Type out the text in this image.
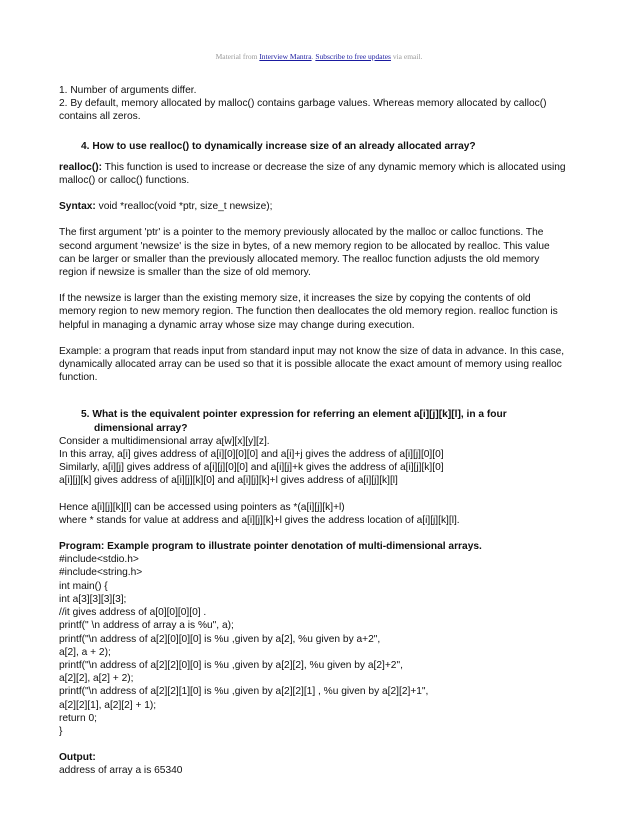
Material from Interview Mantra. Subscribe to free updates via email.

1. Number of arguments differ.

2. By default, memory allocated by malloc() contains garbage values. Whereas memory allocated by calloc()

contains all zeros.

4. How to use realloc() to dynamically increase size of an already allocated array?

realloc(): This function is used to increase or decrease the size of any dynamic memory which is allocated using

malloc() or calloc() functions.

Syntax: void *realloc(void *ptr, size_t newsize);

The first argument 'ptr' is a pointer to the memory previously allocated by the malloc or calloc functions. The

second argument 'newsize' is the size in bytes, of a new memory region to be allocated by realloc. This value

can be larger or smaller than the previously allocated memory. The realloc function adjusts the old memory

region if newsize is smaller than the size of old memory.

If the newsize is larger than the existing memory size, it increases the size by copying the contents of old

memory region to new memory region. The function then deallocates the old memory region. realloc function is

helpful in managing a dynamic array whose size may change during execution.

Example: a program that reads input from standard input may not know the size of data in advance. In this case,

dynamically allocated array can be used so that it is possible allocate the exact amount of memory using realloc

function.

5. What is the equivalent pointer expression for referring an element a[i][j][k][l], in a four

dimensional array?

Consider a multidimensional array a[w][x][y][z].

In this array, a[i] gives address of a[i][0][0][0] and a[i]+j gives the address of a[i][j][0][0]

Similarly, a[i][j] gives address of a[i][j][0][0] and a[i][j]+k gives the address of a[i][j][k][0]

a[i][j][k] gives address of a[i][j][k][0] and a[i][j][k]+l gives address of a[i][j][k][l]

Hence a[i][j][k][l] can be accessed using pointers as *(a[i][j][k]+l)

where * stands for value at address and a[i][j][k]+l gives the address location of a[i][j][k][l].

Program: Example program to illustrate pointer denotation of multi-dimensional arrays.

#include<stdio.h>

#include<string.h>

int main() {

int a[3][3][3][3];

//it gives address of a[0][0][0][0] .

printf(" \n address of array a is %u", a);

printf("\n address of a[2][0][0][0] is %u ,given by a[2], %u given by a+2",

a[2], a + 2);

printf("\n address of a[2][2][0][0] is %u ,given by a[2][2], %u given by a[2]+2",

a[2][2], a[2] + 2);

printf("\n address of a[2][2][1][0] is %u ,given by a[2][2][1] , %u given by a[2][2]+1",

a[2][2][1], a[2][2] + 1);

return 0;

}

Output:

address of array a is 65340
